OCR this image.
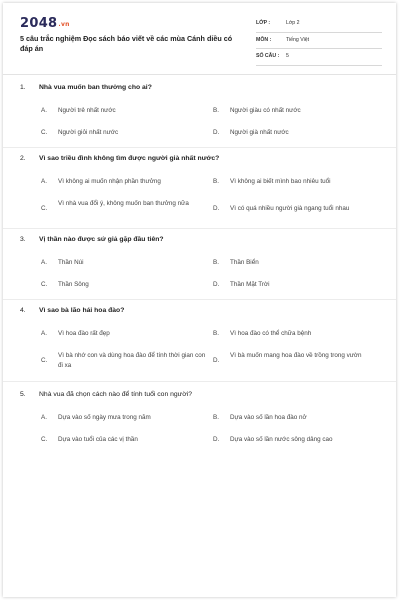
2048.vn
5 câu trắc nghiệm Đọc sách báo viết về các mùa Cánh diều có đáp án
LỚP :	Lớp 2
MÔN :	Tiếng Việt
SỐ CÂU : 5
1. Nhà vua muốn ban thưởng cho ai?
A. Người trẻ nhất nước	B. Người giàu có nhất nước
C. Người giỏi nhất nước	D. Người già nhất nước
2. Vì sao triều đình không tìm được người già nhất nước?
A. Vì không ai muốn nhận phần thưởng	B. Vì không ai biết mình bao nhiêu tuổi
C.
Vì nhà vua đổi ý, không muốn ban thưởng nữa
D. Vì có quá nhiều người già ngang tuổi nhau
3. Vị thần nào được sứ giả gặp đầu tiên?
A. Thần Núi	B. Thần Biển
C. Thần Sông	D. Thần Mặt Trời
4. Vì sao bà lão hái hoa đào?
A. Vì hoa đào rất đẹp	B. Vì hoa đào có thể chữa bệnh
C.
Vì bà nhớ con và dùng hoa đào để tính thời gian con đi xa
D.
Vì bà muốn mang hoa đào về trồng trong vườn
5. Nhà vua đã chọn cách nào để tính tuổi con người?
A. Dựa vào số ngày mưa trong năm	B. Dựa vào số lần hoa đào nở
C. Dựa vào tuổi của các vị thần	D. Dựa vào số lần nước sông dâng cao
